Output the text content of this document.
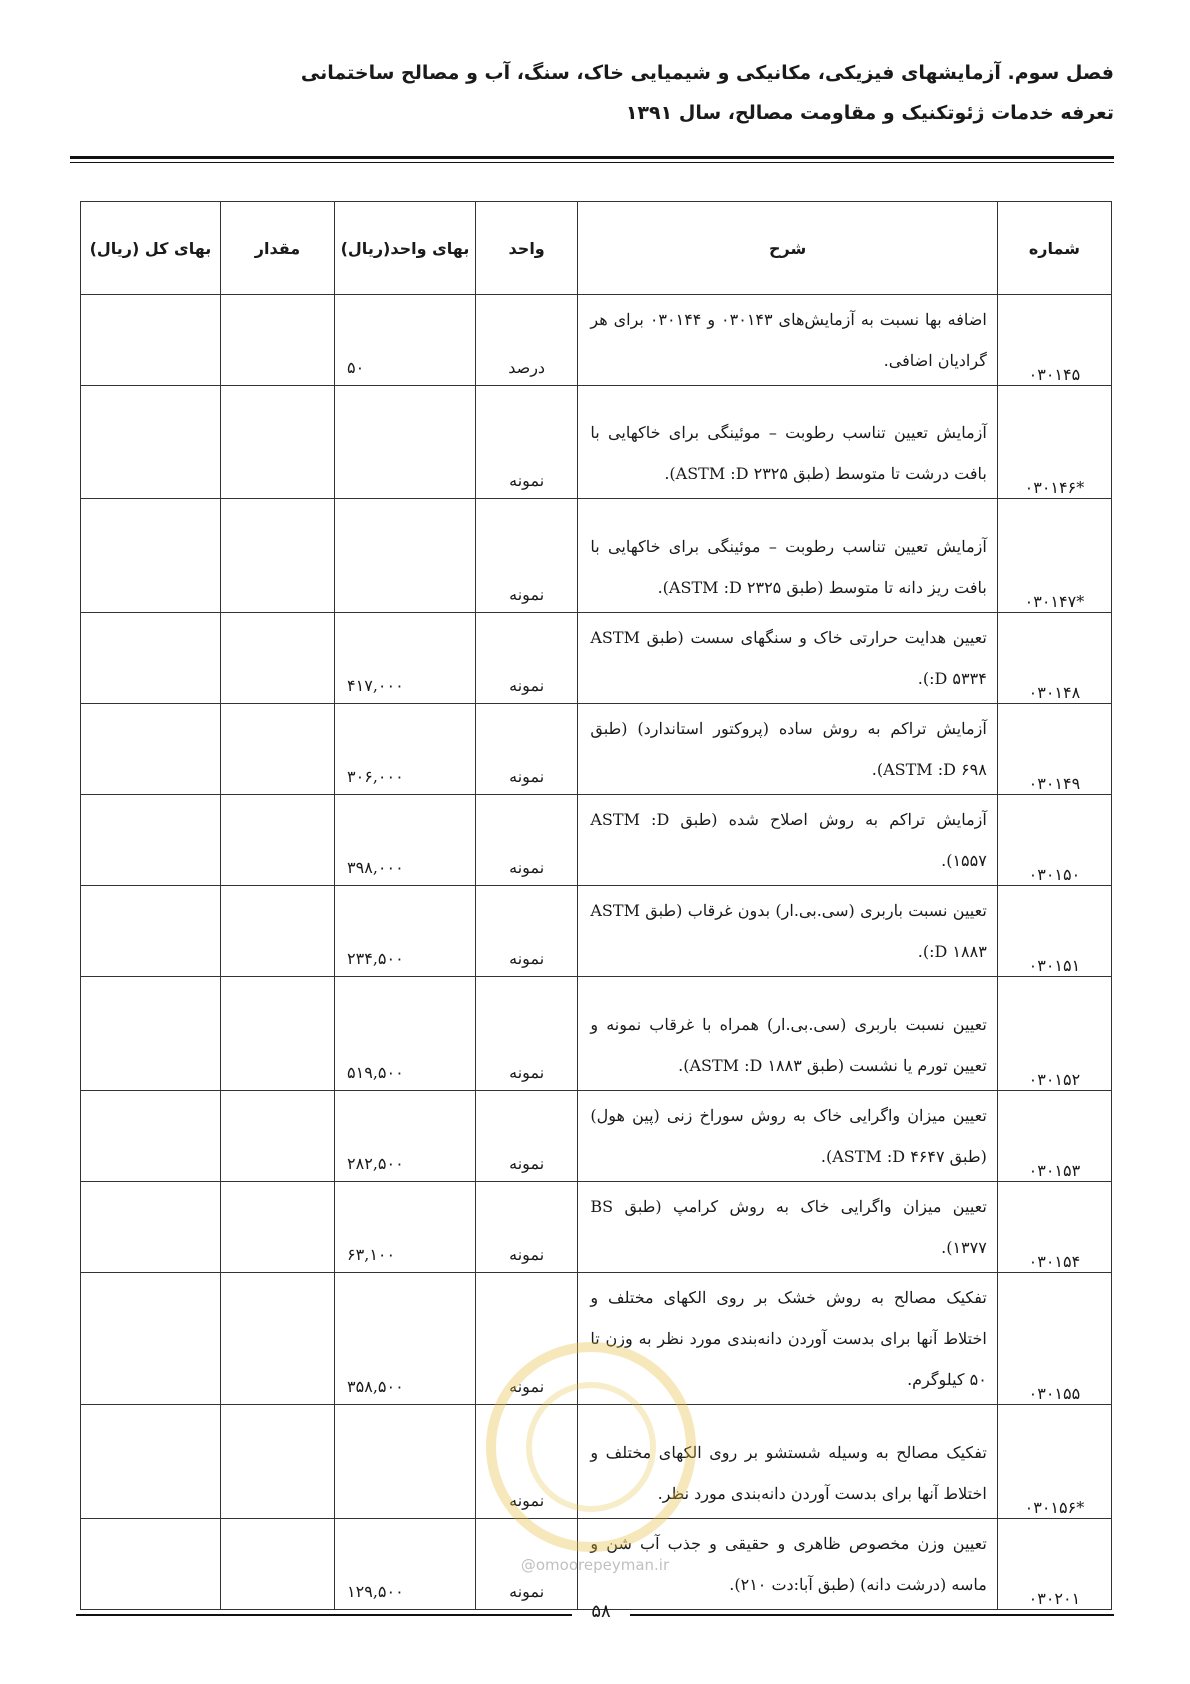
فصل سوم. آزمایشهای فیزیکی، مکانیکی و شیمیایی خاک، سنگ، آب و مصالح ساختمانی
تعرفه خدمات ژئوتکنیک و مقاومت مصالح، سال ۱۳۹۱
شماره	شرح	واحد	بهای واحد(ریال)	مقدار	بهای کل (ریال)
۰۳۰۱۴۵	اضافه بها نسبت به آزمایش‌های ۰۳۰۱۴۳ و ۰۳۰۱۴۴ برای هر گرادیان اضافی.	درصد	۵۰		
*۰۳۰۱۴۶	آزمایش تعیین تناسب رطوبت – موئینگی برای خاکهایی با بافت درشت تا متوسط (طبق ASTM :D ۲۳۲۵).	نمونه			
*۰۳۰۱۴۷	آزمایش تعیین تناسب رطوبت – موئینگی برای خاکهایی با بافت ریز دانه تا متوسط (طبق ASTM :D ۲۳۲۵).	نمونه			
۰۳۰۱۴۸	تعیین هدایت حرارتی خاک و سنگهای سست (طبق ASTM :D ۵۳۳۴).	نمونه	۴۱۷,۰۰۰		
۰۳۰۱۴۹	آزمایش تراکم به روش ساده (پروکتور استاندارد) (طبق ASTM :D ۶۹۸).	نمونه	۳۰۶,۰۰۰		
۰۳۰۱۵۰	آزمایش تراکم به روش اصلاح شده (طبق ASTM :D ۱۵۵۷).	نمونه	۳۹۸,۰۰۰		
۰۳۰۱۵۱	تعیین نسبت باربری (سی.بی.ار) بدون غرقاب (طبق ASTM :D ۱۸۸۳).	نمونه	۲۳۴,۵۰۰		
۰۳۰۱۵۲	تعیین نسبت باربری (سی.بی.ار) همراه با غرقاب نمونه و تعیین تورم یا نشست (طبق ASTM :D ۱۸۸۳).	نمونه	۵۱۹,۵۰۰		
۰۳۰۱۵۳	تعیین میزان واگرایی خاک به روش سوراخ زنی (پین هول) (طبق ASTM :D ۴۶۴۷).	نمونه	۲۸۲,۵۰۰		
۰۳۰۱۵۴	تعیین میزان واگرایی خاک به روش کرامپ (طبق BS ۱۳۷۷).	نمونه	۶۳,۱۰۰		
۰۳۰۱۵۵	تفکیک مصالح به روش خشک بر روی الکهای مختلف و اختلاط آنها برای بدست آوردن دانه‌بندی مورد نظر به وزن تا ۵۰ کیلوگرم.	نمونه	۳۵۸,۵۰۰		
*۰۳۰۱۵۶	تفکیک مصالح به وسیله شستشو بر روی الکهای مختلف و اختلاط آنها برای بدست آوردن دانه‌بندی مورد نظر.	نمونه			
۰۳۰۲۰۱	تعیین وزن مخصوص ظاهری و حقیقی و جذب آب شن و ماسه (درشت دانه) (طبق آبا:دت ۲۱۰).	نمونه	۱۲۹,۵۰۰		
@omoorepeyman.ir
۵۸
